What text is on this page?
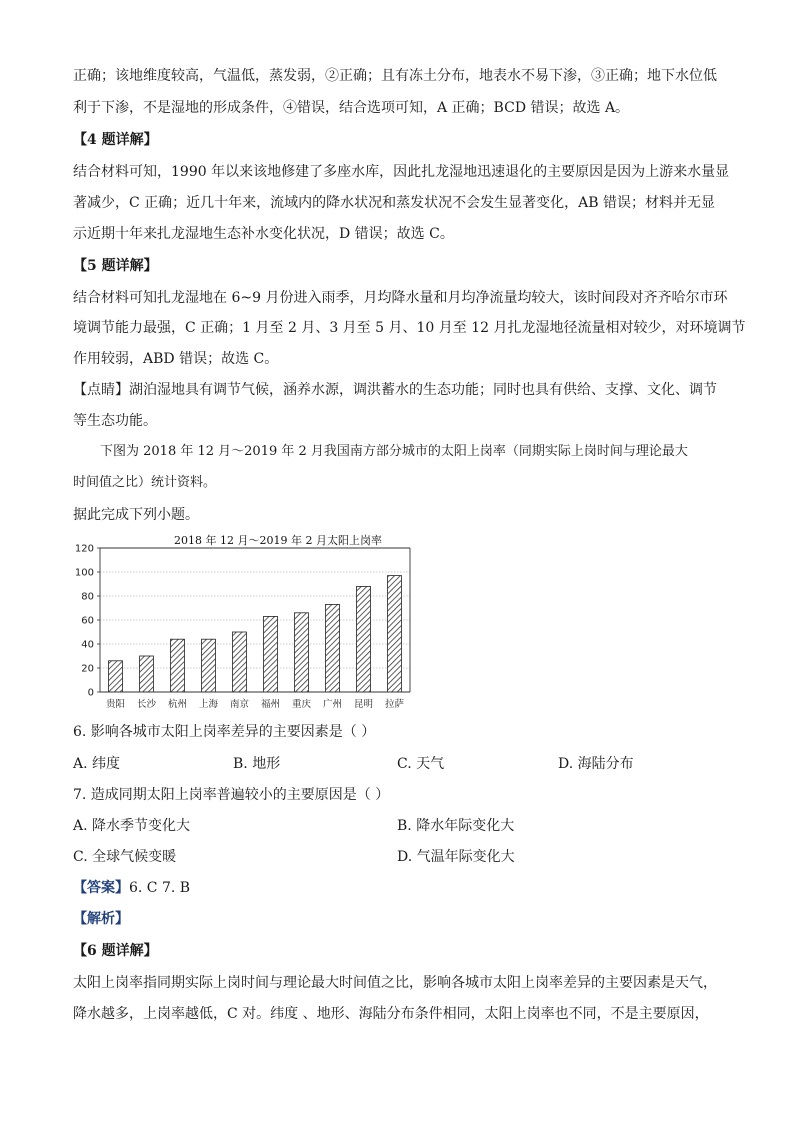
正确；该地维度较高，气温低，蒸发弱，②正确；且有冻土分布，地表水不易下渗，③正确；地下水位低
利于下渗，不是湿地的形成条件，④错误，结合选项可知，A 正确；BCD 错误；故选 A。
【4 题详解】
结合材料可知，1990 年以来该地修建了多座水库，因此扎龙湿地迅速退化的主要原因是因为上游来水量显
著减少，C 正确；近几十年来，流域内的降水状况和蒸发状况不会发生显著变化，AB 错误；材料并无显
示近期十年来扎龙湿地生态补水变化状况，D 错误；故选 C。
【5 题详解】
结合材料可知扎龙湿地在 6~9 月份进入雨季，月均降水量和月均净流量均较大，该时间段对齐齐哈尔市环
境调节能力最强，C 正确；1 月至 2 月、3 月至 5 月、10 月至 12 月扎龙湿地径流量相对较少，对环境调节
作用较弱，ABD 错误；故选 C。
【点睛】湖泊湿地具有调节气候，涵养水源，调洪蓄水的生态功能；同时也具有供给、支撑、文化、调节
等生态功能。
下图为 2018 年 12 月～2019 年 2 月我国南方部分城市的太阳上岗率（同期实际上岗时间与理论最大
时间值之比）统计资料。
据此完成下列小题。
0
20
40
60
80
100
120
贵阳 长沙 杭州 上海 南京 福州 重庆 广州 昆明 拉萨
2018 年 12 月～2019 年 2 月太阳上岗率
6. 影响各城市太阳上岗率差异的主要因素是（ ）
A. 纬度	B. 地形	C. 天气	D. 海陆分布
7. 造成同期太阳上岗率普遍较小的主要原因是（ ）
A. 降水季节变化大	B. 降水年际变化大
C. 全球气候变暖	D. 气温年际变化大
【答案】6. C 7. B
【解析】
【6 题详解】
太阳上岗率指同期实际上岗时间与理论最大时间值之比，影响各城市太阳上岗率差异的主要因素是天气，
降水越多，上岗率越低，C 对。纬度 、地形、海陆分布条件相同，太阳上岗率也不同，不是主要原因，
